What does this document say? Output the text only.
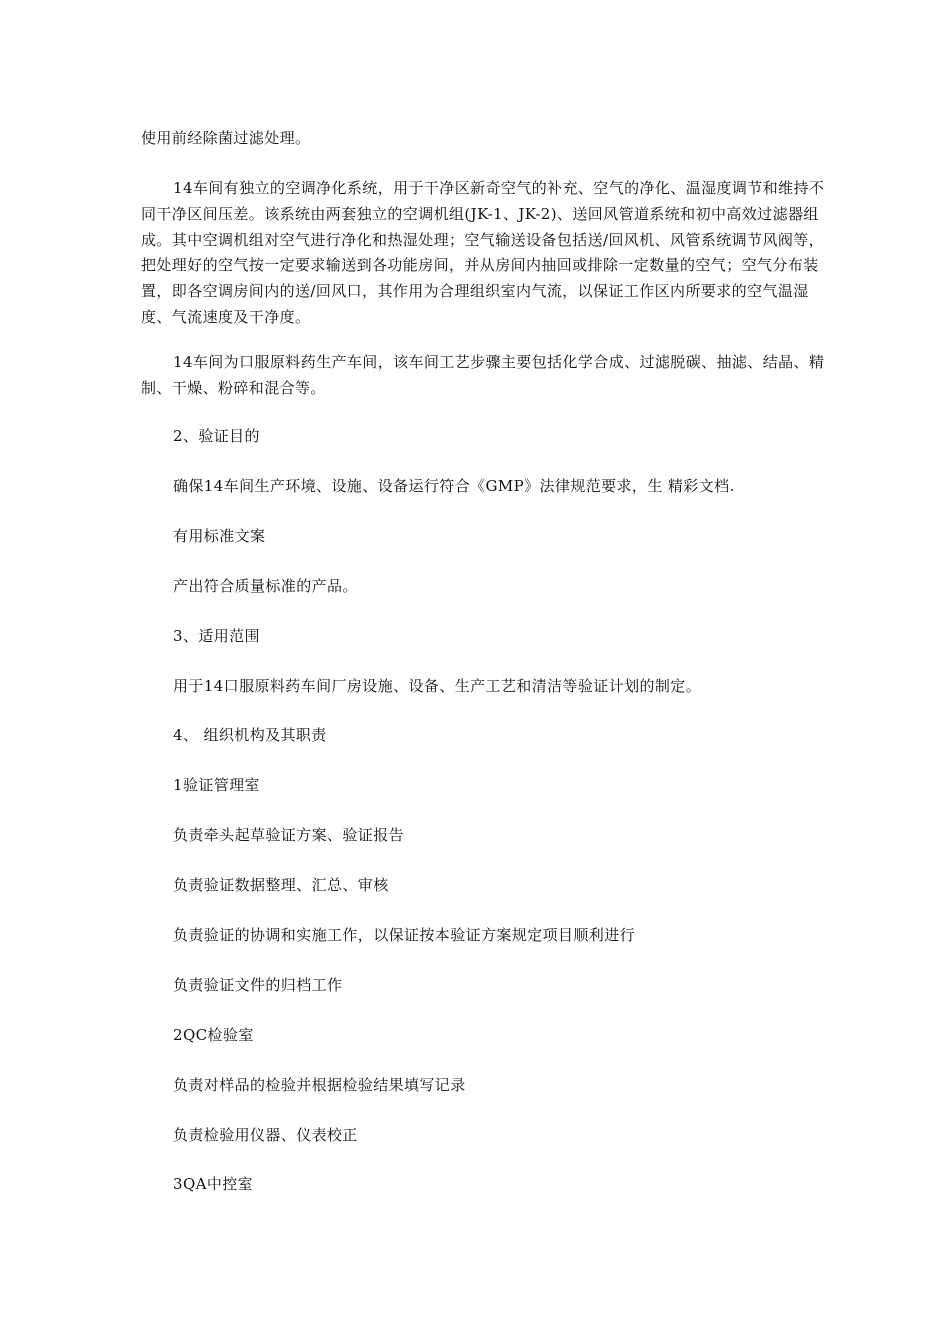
使用前经除菌过滤处理。

14车间有独立的空调净化系统，用于干净区新奇空气的补充、空气的净化、温湿度调节和维持不同干净区间压差。该系统由两套独立的空调机组(JK-1、JK-2)、送回风管道系统和初中高效过滤器组成。其中空调机组对空气进行净化和热湿处理；空气输送设备包括送/回风机、风管系统调节风阀等，把处理好的空气按一定要求输送到各功能房间，并从房间内抽回或排除一定数量的空气；空气分布装置，即各空调房间内的送/回风口，其作用为合理组织室内气流，以保证工作区内所要求的空气温湿度、气流速度及干净度。

14车间为口服原料药生产车间，该车间工艺步骤主要包括化学合成、过滤脱碳、抽滤、结晶、精制、干燥、粉碎和混合等。

2、验证目的

确保14车间生产环境、设施、设备运行符合《GMP》法律规范要求，生 精彩文档.

有用标准文案

产出符合质量标准的产品。

3、适用范围

用于14口服原料药车间厂房设施、设备、生产工艺和清洁等验证计划的制定。

4、 组织机构及其职责

1验证管理室

负责牵头起草验证方案、验证报告

负责验证数据整理、汇总、审核

负责验证的协调和实施工作，以保证按本验证方案规定项目顺利进行

负责验证文件的归档工作

2QC检验室

负责对样品的检验并根据检验结果填写记录

负责检验用仪器、仪表校正

3QA中控室
